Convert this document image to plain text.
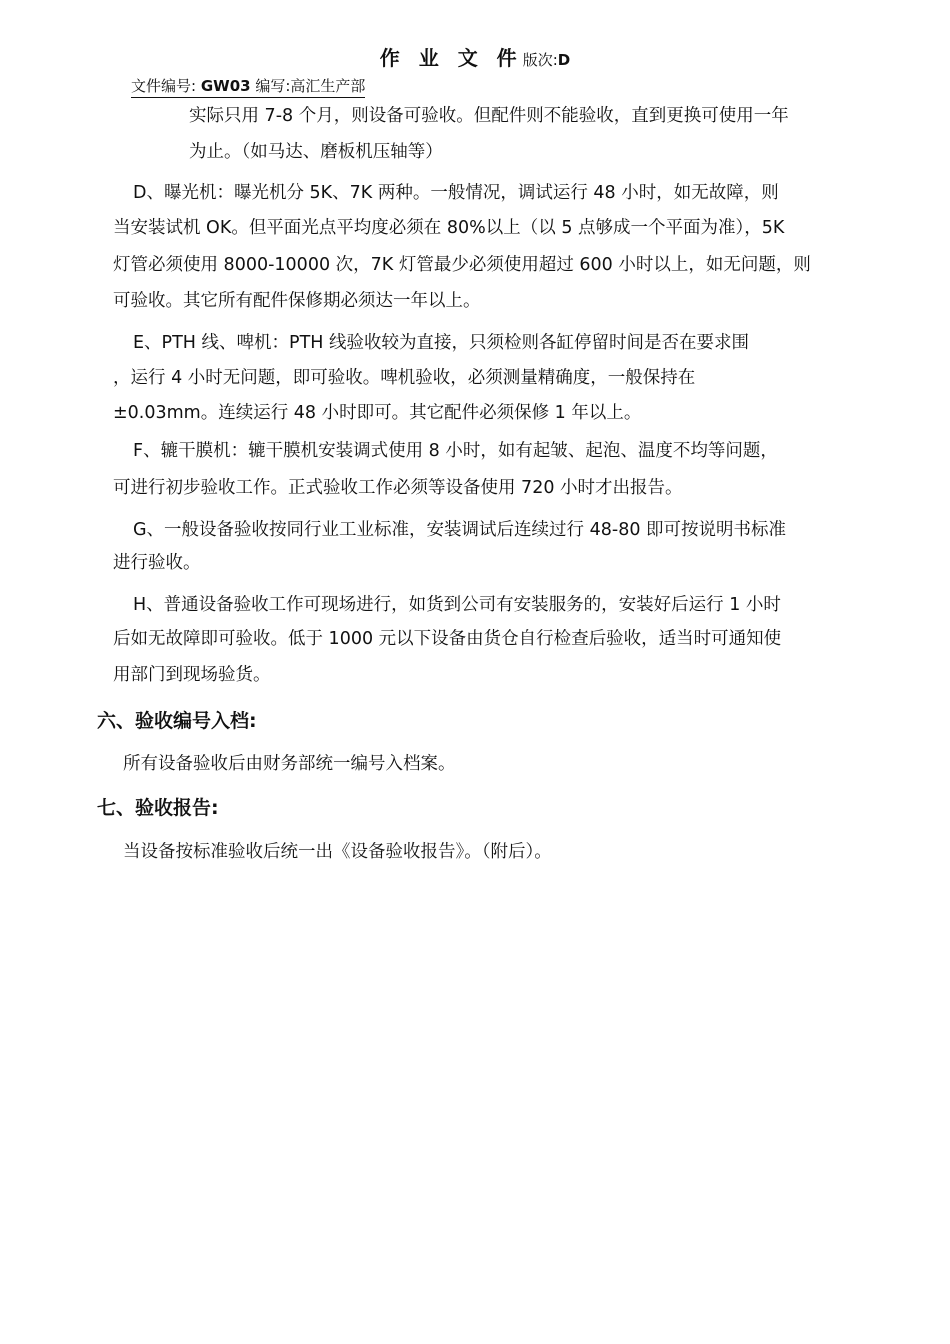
作 业 文 件版次:D
文件编号: GW03 编写:高汇生产部
实际只用 7-8 个月，则设备可验收。但配件则不能验收，直到更换可使用一年
为止。（如马达、磨板机压轴等）
D、曝光机：曝光机分 5K、7K 两种。一般情况，调试运行 48 小时，如无故障，则
当安装试机 OK。但平面光点平均度必须在 80%以上（以 5 点够成一个平面为准），5K
灯管必须使用 8000-10000 次，7K 灯管最少必须使用超过 600 小时以上，如无问题，则
可验收。其它所有配件保修期必须达一年以上。
E、PTH 线、啤机：PTH 线验收较为直接，只须检则各缸停留时间是否在要求围
，运行 4 小时无问题，即可验收。啤机验收，必须测量精确度，一般保持在
±0.03mm。连续运行 48 小时即可。其它配件必须保修 1 年以上。
F、辘干膜机：辘干膜机安装调式使用 8 小时，如有起皱、起泡、温度不均等问题，
可进行初步验收工作。正式验收工作必须等设备使用 720 小时才出报告。
G、一般设备验收按同行业工业标准，安装调试后连续过行 48-80 即可按说明书标准
进行验收。
H、普通设备验收工作可现场进行，如货到公司有安装服务的，安装好后运行 1 小时
后如无故障即可验收。低于 1000 元以下设备由货仓自行检查后验收，适当时可通知使
用部门到现场验货。
六、验收编号入档:
所有设备验收后由财务部统一编号入档案。
七、验收报告:
当设备按标准验收后统一出《设备验收报告》。（附后）。
